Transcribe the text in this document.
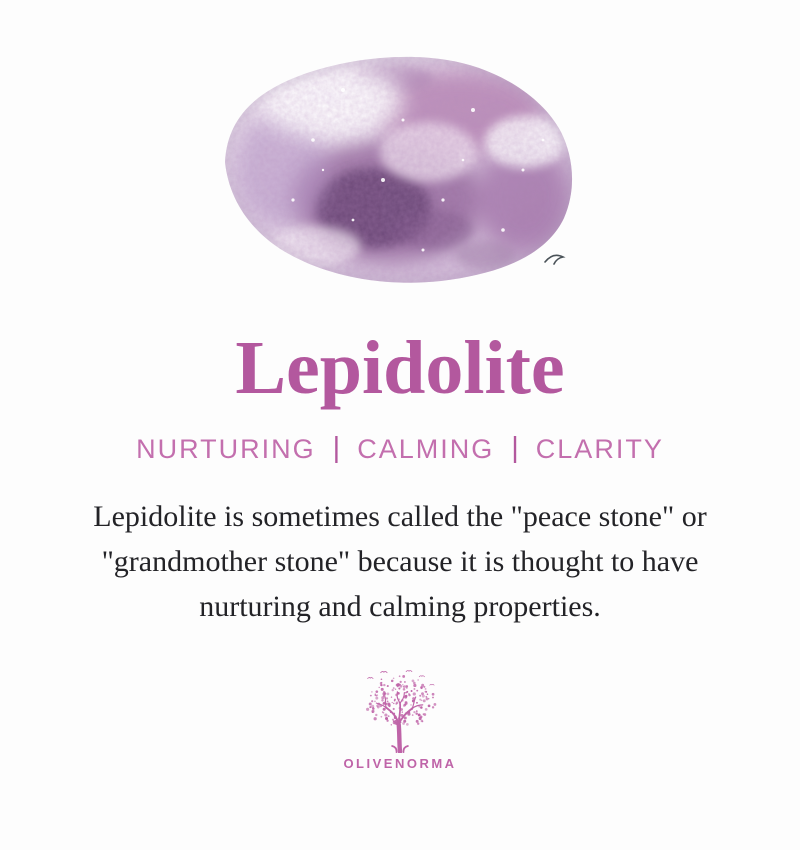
Lepidolite
NURTURING | CALMING | CLARITY
Lepidolite is sometimes called the "peace stone" or
"grandmother stone" because it is thought to have
nurturing and calming properties.
OLIVENORMA
